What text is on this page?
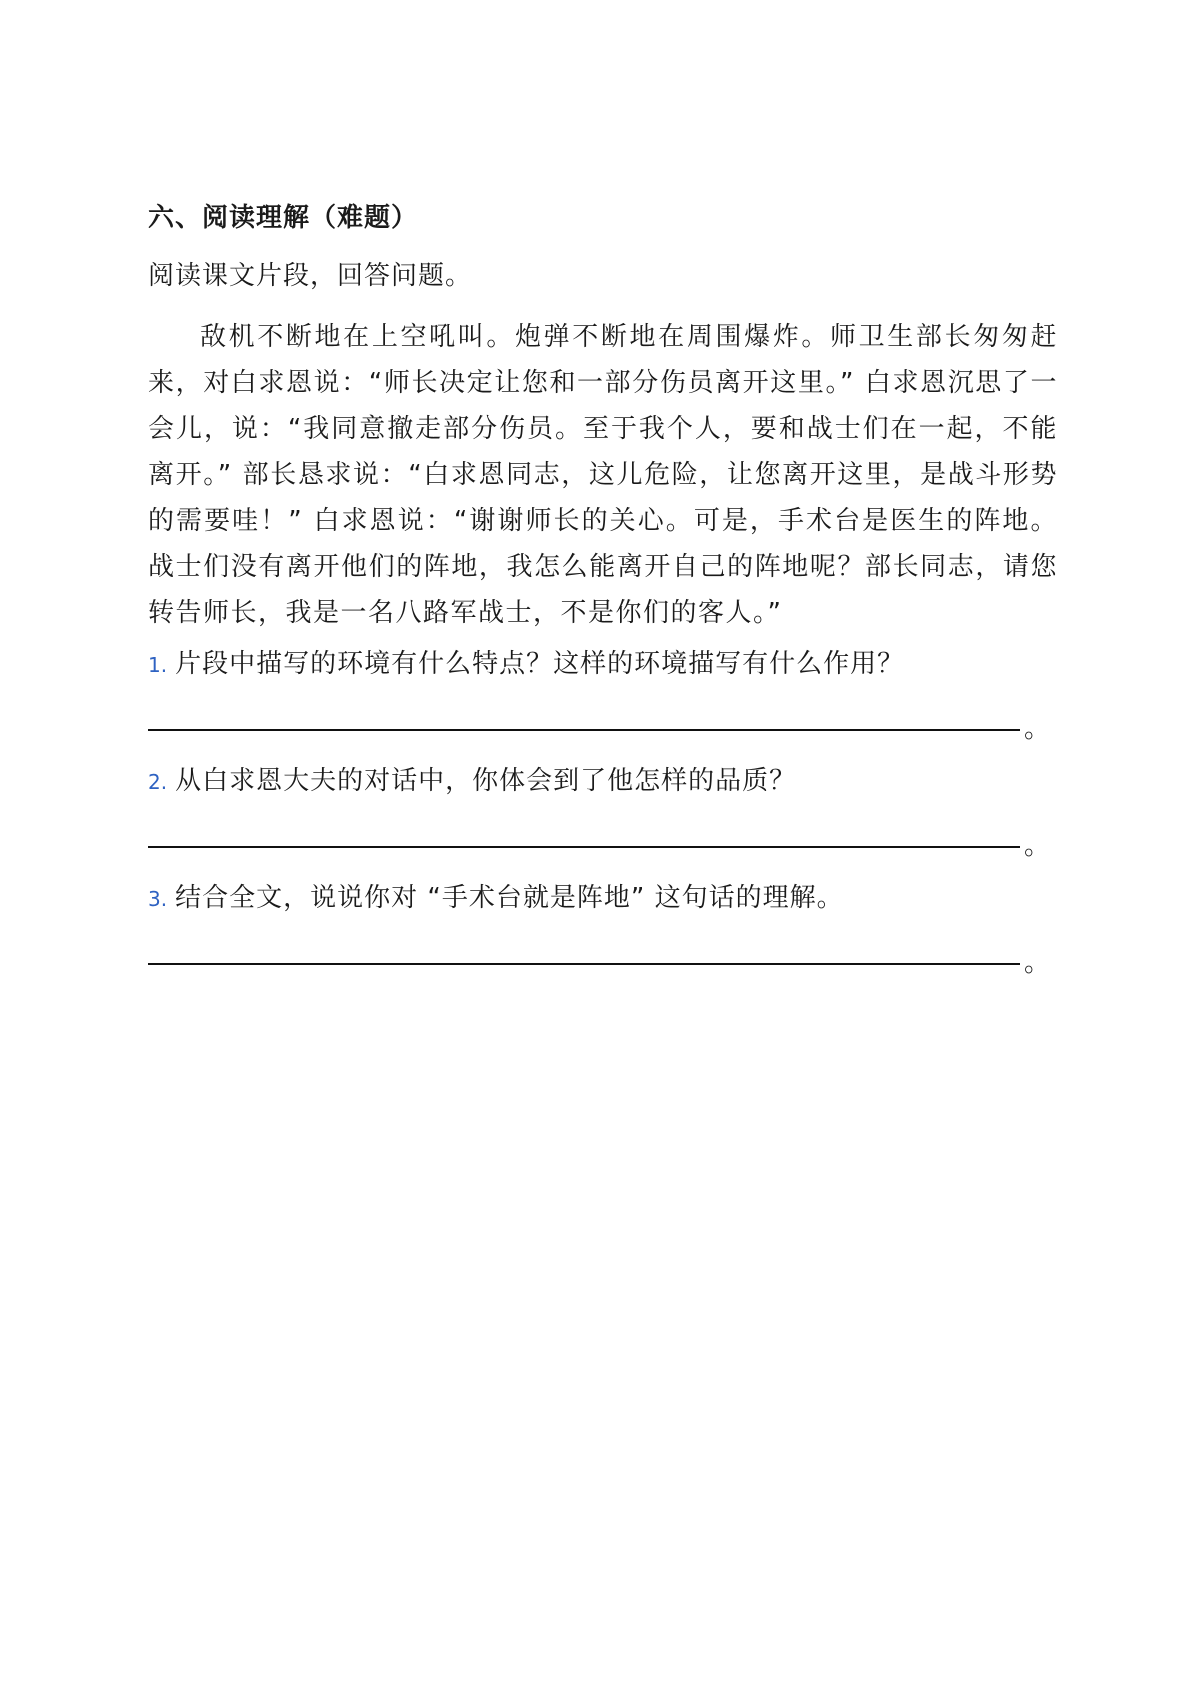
六、阅读理解（难题）
阅读课文片段，回答问题。
敌机不断地在上空吼叫。炮弹不断地在周围爆炸。师卫生部长匆匆赶来，对白求恩说：“师长决定让您和一部分伤员离开这里。” 白求恩沉思了一会儿，说：“我同意撤走部分伤员。至于我个人，要和战士们在一起，不能离开。” 部长恳求说：“白求恩同志，这儿危险，让您离开这里，是战斗形势的需要哇！” 白求恩说：“谢谢师长的关心。可是，手术台是医生的阵地。战士们没有离开他们的阵地，我怎么能离开自己的阵地呢？部长同志，请您转告师长，我是一名八路军战士，不是你们的客人。”
1. 片段中描写的环境有什么特点？这样的环境描写有什么作用？
。
2. 从白求恩大夫的对话中，你体会到了他怎样的品质？
。
3. 结合全文，说说你对 “手术台就是阵地” 这句话的理解。
。
